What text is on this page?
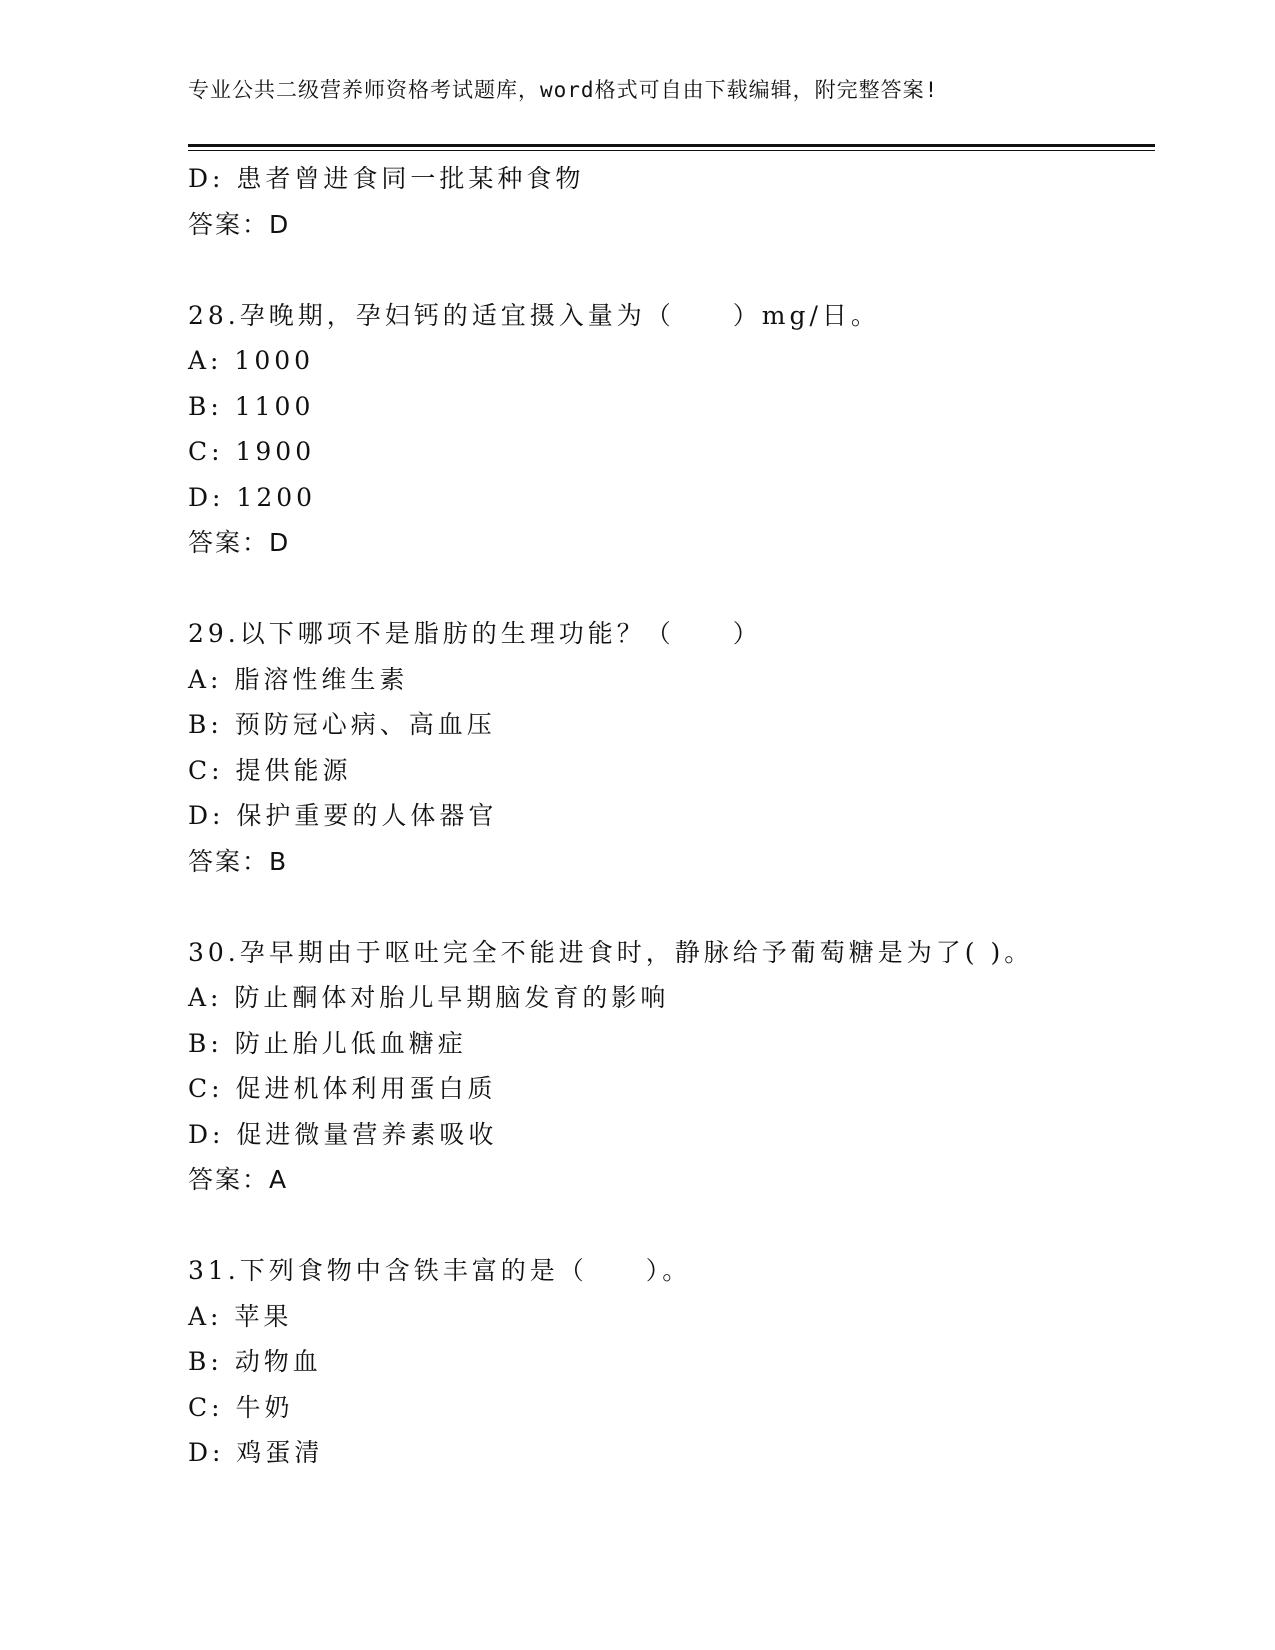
专业公共二级营养师资格考试题库，word格式可自由下载编辑，附完整答案!
D: 患者曾进食同一批某种食物
答案：D
28.孕晚期，孕妇钙的适宜摄入量为（　　）mg/日。
A: 1000
B: 1100
C: 1900
D: 1200
答案：D
29.以下哪项不是脂肪的生理功能？（　　）
A: 脂溶性维生素
B: 预防冠心病、高血压
C: 提供能源
D: 保护重要的人体器官
答案：B
30.孕早期由于呕吐完全不能进食时，静脉给予葡萄糖是为了( )。
A: 防止酮体对胎儿早期脑发育的影响
B: 防止胎儿低血糖症
C: 促进机体利用蛋白质
D: 促进微量营养素吸收
答案：A
31.下列食物中含铁丰富的是（　　）。
A: 苹果
B: 动物血
C: 牛奶
D: 鸡蛋清
